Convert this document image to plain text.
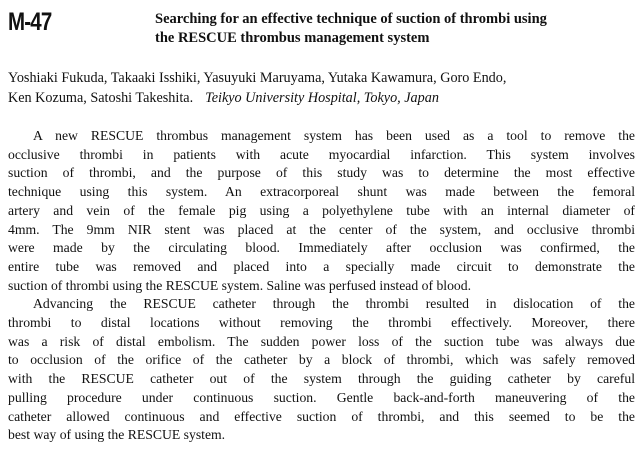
M-47	Searching for an effective technique of suction of thrombi using
the RESCUE thrombus management system
Yoshiaki Fukuda, Takaaki Isshiki, Yasuyuki Maruyama, Yutaka Kawamura, Goro Endo,
Ken Kozuma, Satoshi Takeshita. Teikyo University Hospital, Tokyo, Japan
A new RESCUE thrombus management system has been used as a tool to remove the
occlusive thrombi in patients with acute myocardial infarction. This system involves
suction of thrombi, and the purpose of this study was to determine the most effective
technique using this system. An extracorporeal shunt was made between the femoral
artery and vein of the female pig using a polyethylene tube with an internal diameter of
4mm. The 9mm NIR stent was placed at the center of the system, and occlusive thrombi
were made by the circulating blood. Immediately after occlusion was confirmed, the
entire tube was removed and placed into a specially made circuit to demonstrate the
suction of thrombi using the RESCUE system. Saline was perfused instead of blood.
Advancing the RESCUE catheter through the thrombi resulted in dislocation of the
thrombi to distal locations without removing the thrombi effectively. Moreover, there
was a risk of distal embolism. The sudden power loss of the suction tube was always due
to occlusion of the orifice of the catheter by a block of thrombi, which was safely removed
with the RESCUE catheter out of the system through the guiding catheter by careful
pulling procedure under continuous suction. Gentle back-and-forth maneuvering of the
catheter allowed continuous and effective suction of thrombi, and this seemed to be the
best way of using the RESCUE system.
